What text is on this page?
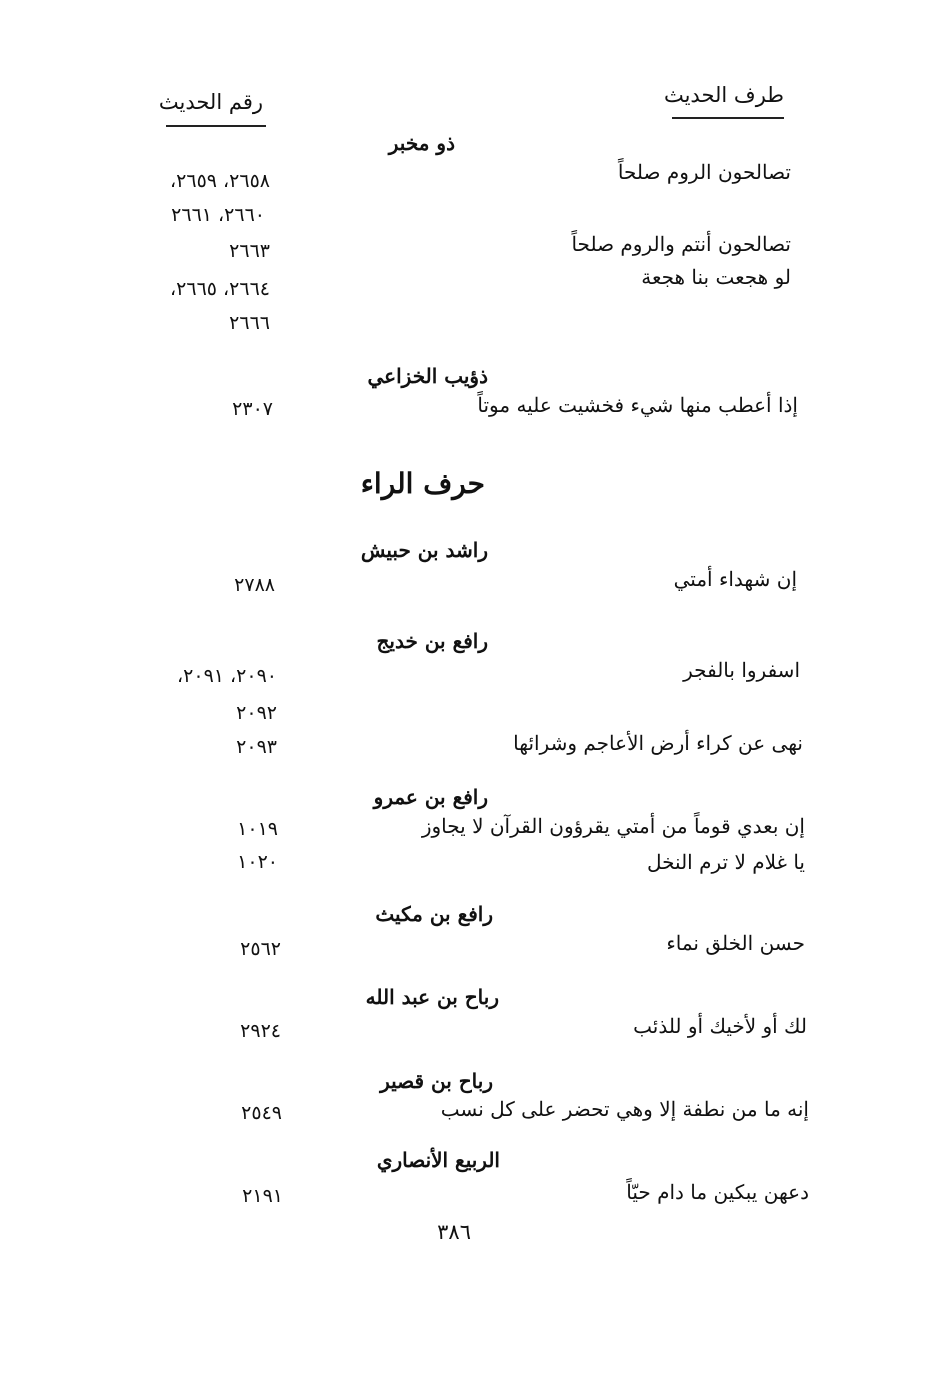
طرف الحديث
رقم الحديث
ذو مخبر
تصالحون الروم صلحاً
٢٦٥٨، ٢٦٥٩،
٢٦٦٠، ٢٦٦١
٢٦٦٣	تصالحون أنتم والروم صلحاً
لو هجعت بنا هجعة
٢٦٦٤، ٢٦٦٥،
٢٦٦٦
ذؤيب الخزاعي
إذا أعطب منها شيء فخشيت عليه موتاً
٢٣٠٧
حرف الراء
راشد بن حبيش
إن شهداء أمتي
٢٧٨٨
رافع بن خديج
اسفروا بالفجر
٢٠٩٠، ٢٠٩١،
٢٠٩٢
نهى عن كراء أرض الأعاجم وشرائها
٢٠٩٣
رافع بن عمرو
إن بعدي قوماً من أمتي يقرؤون القرآن لا يجاوز
١٠١٩
يا غلام لا ترم النخل
١٠٢٠
رافع بن مكيث
حسن الخلق نماء
٢٥٦٢
رباح بن عبد الله
لك أو لأخيك أو للذئب
٢٩٢٤
رباح بن قصير
إنه ما من نطفة إلا وهي تحضر على كل نسب
٢٥٤٩
الربيع الأنصاري
دعهن يبكين ما دام حيّاً
٢١٩١
٣٨٦
